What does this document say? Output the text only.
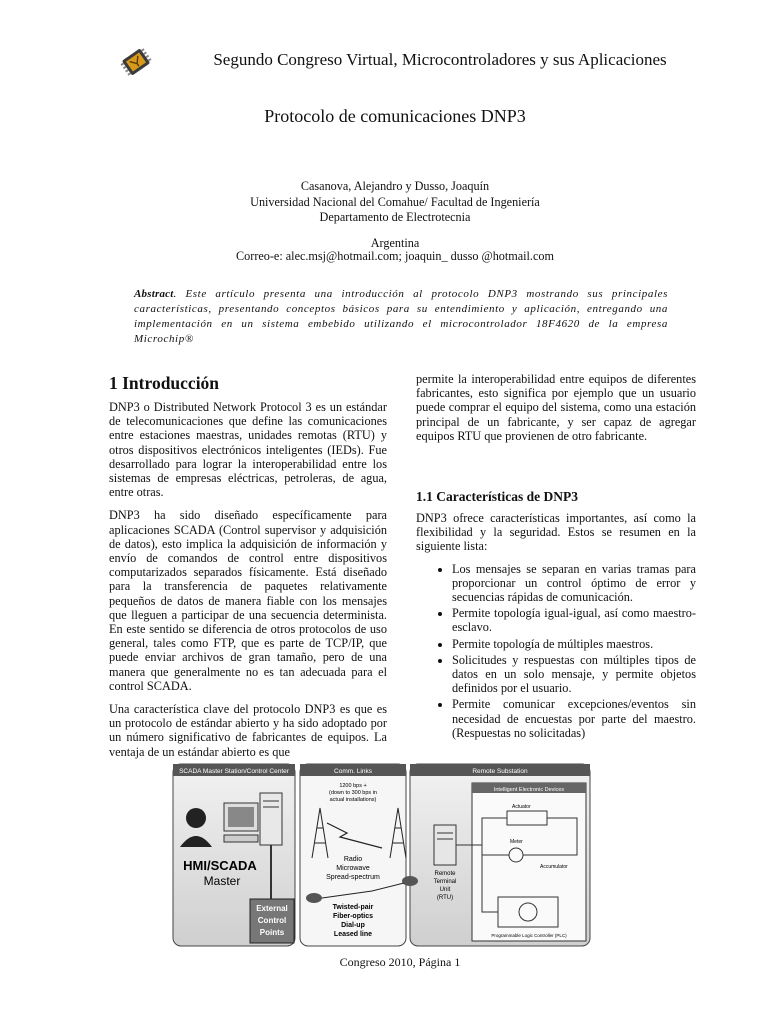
Segundo Congreso Virtual, Microcontroladores y sus Aplicaciones
Protocolo de comunicaciones DNP3
Casanova, Alejandro y Dusso, Joaquín
Universidad Nacional del Comahue/ Facultad de Ingeniería
Departamento de Electrotecnia
Argentina
Correo-e: alec.msj@hotmail.com; joaquin_ dusso @hotmail.com
Abstract. Este artículo presenta una introducción al protocolo DNP3 mostrando sus principales características, presentando conceptos básicos para su entendimiento y aplicación, entregando una implementación en un sistema embebido utilizando el microcontrolador 18F4620 de la empresa Microchip®
1 Introducción

DNP3 o Distributed Network Protocol 3 es un estándar de telecomunicaciones que define las comunicaciones entre estaciones maestras, unidades remotas (RTU) y otros dispositivos electrónicos inteligentes (IEDs). Fue desarrollado para lograr la interoperabilidad entre los sistemas de empresas eléctricas, petroleras, de agua, entre otras.

DNP3 ha sido diseñado específicamente para aplicaciones SCADA (Control supervisor y adquisición de datos), esto implica la adquisición de información y envío de comandos de control entre dispositivos computarizados separados físicamente. Está diseñado para la transferencia de paquetes relativamente pequeños de datos de manera fiable con los mensajes que lleguen a participar de una secuencia determinista. En este sentido se diferencia de otros protocolos de uso general, tales como FTP, que es parte de TCP/IP, que puede enviar archivos de gran tamaño, pero de una manera que generalmente no es tan adecuada para el control SCADA.

Una característica clave del protocolo DNP3 es que es un protocolo de estándar abierto y ha sido adoptado por un número significativo de fabricantes de equipos. La ventaja de un estándar abierto es que

permite la interoperabilidad entre equipos de diferentes fabricantes, esto significa por ejemplo que un usuario puede comprar el equipo del sistema, como una estación principal de un fabricante, y ser capaz de agregar equipos RTU que provienen de otro fabricante.

1.1 Características de DNP3

DNP3 ofrece características importantes, así como la flexibilidad y la seguridad. Estos se resumen en la siguiente lista:

• Los mensajes se separan en varias tramas para proporcionar un control óptimo de error y secuencias rápidas de comunicación.
• Permite topología igual-igual, así como maestro-esclavo.
• Permite topología de múltiples maestros.
• Solicitudes y respuestas con múltiples tipos de datos en un solo mensaje, y permite objetos definidos por el usuario.
• Permite comunicar excepciones/eventos sin necesidad de encuestas por parte del maestro. (Respuestas no solicitadas)
SCADA Master Station/Control Center	Comm. Links	Remote Substation
HMI/SCADA
Master
External
Control
Points
1200 bps +
(down to 300 bps in
actual installations)
Radio
Microwave
Spread-spectrum
Twisted-pair
Fiber-optics
Dial-up
Leased line
Remote
Terminal
Unit
(RTU)
Intelligent Electronic Devices
Actuator
Meter
Accumulator
Programmable Logic Controller (PLC)
Congreso 2010, Página 1
